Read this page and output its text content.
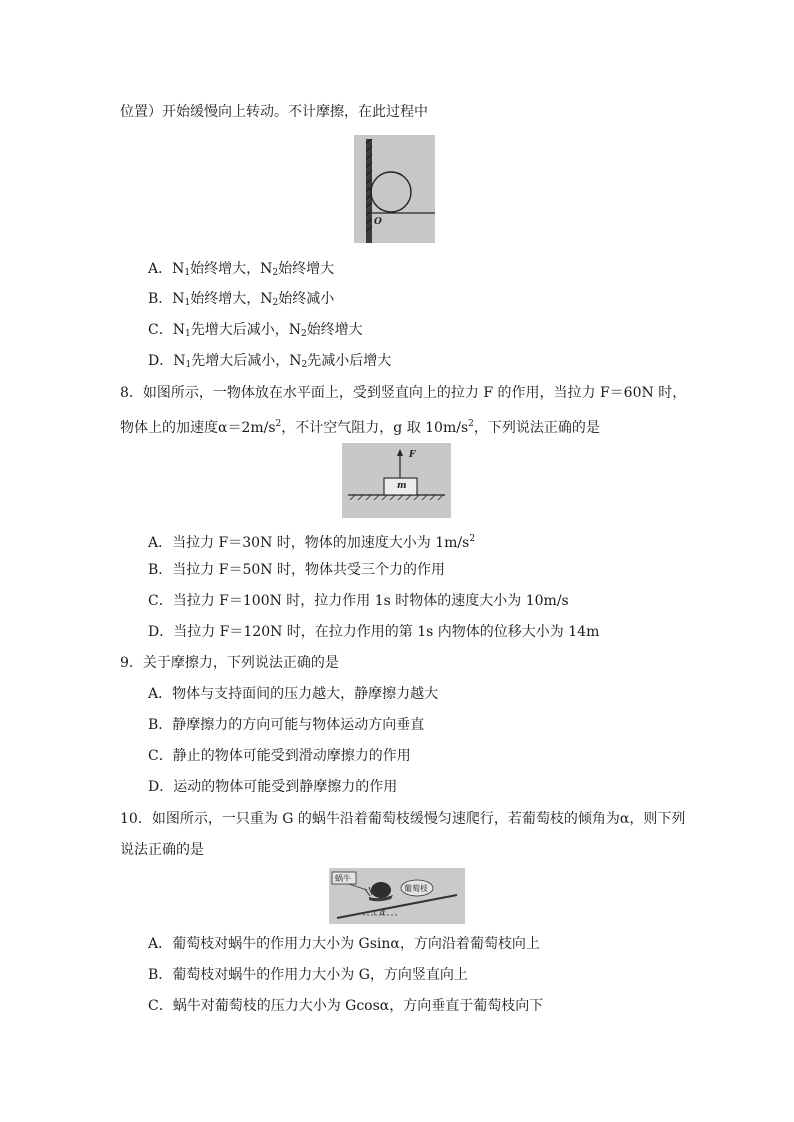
位置）开始缓慢向上转动。不计摩擦，在此过程中
O
A．$N_1$始终增大，$N_2$始终增大
B．$N_1$始终增大，$N_2$始终减小
C．$N_1$先增大后减小，$N_2$始终增大
D．$N_1$先增大后减小，$N_2$先减小后增大
8．如图所示，一物体放在水平面上，受到竖直向上的拉力 F 的作用，当拉力 F＝60N 时，
物体上的加速度$\alpha=2m/s^2$，不计空气阻力，g 取 $10m/s^2$，下列说法正确的是
F
m
A．当拉力 F＝30N 时，物体的加速度大小为 $1m/s^2$
B．当拉力 F＝50N 时，物体共受三个力的作用
C．当拉力 F＝100N 时，拉力作用 1s 时物体的速度大小为 10m/s
D．当拉力 F＝120N 时，在拉力作用的第 1s 内物体的位移大小为 14m
9．关于摩擦力，下列说法正确的是
A．物体与支持面间的压力越大，静摩擦力越大
B．静摩擦力的方向可能与物体运动方向垂直
C．静止的物体可能受到滑动摩擦力的作用
D．运动的物体可能受到静摩擦力的作用
10．如图所示，一只重为 G 的蜗牛沿着葡萄枝缓慢匀速爬行，若葡萄枝的倾角为α，则下列
说法正确的是
蜗牛
葡萄枝
α
A．葡萄枝对蜗牛的作用力大小为 Gsinα，方向沿着葡萄枝向上
B．葡萄枝对蜗牛的作用力大小为 G，方向竖直向上
C．蜗牛对葡萄枝的压力大小为 Gcosα，方向垂直于葡萄枝向下
